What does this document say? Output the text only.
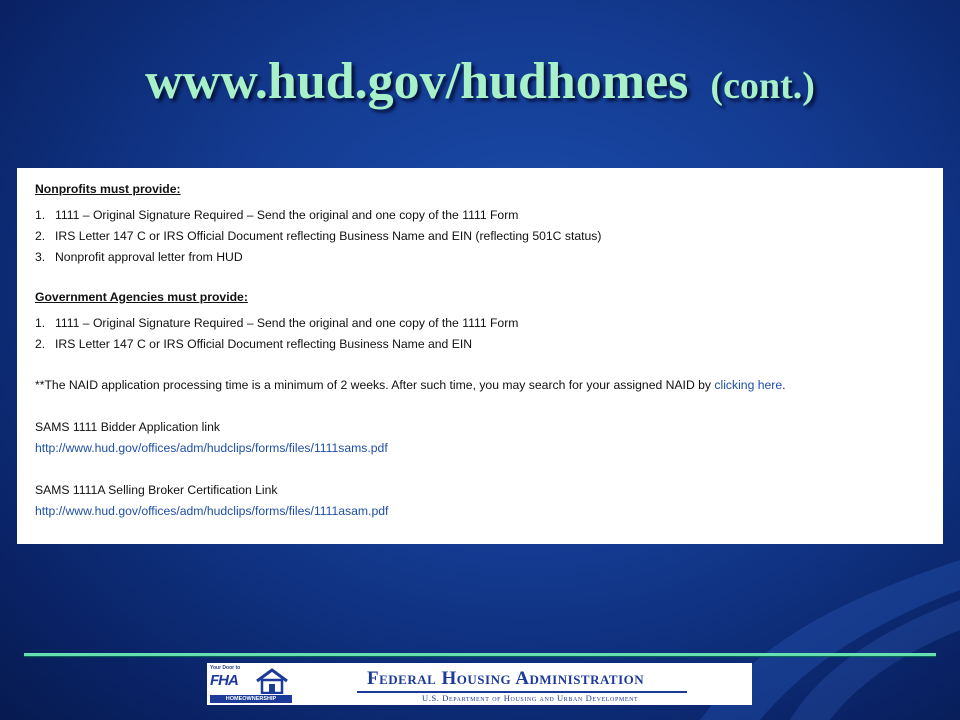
www.hud.gov/hudhomes (cont.)
Nonprofits must provide:
1. 1111 – Original Signature Required – Send the original and one copy of the 1111 Form
2. IRS Letter 147 C or IRS Official Document reflecting Business Name and EIN (reflecting 501C status)
3. Nonprofit approval letter from HUD
Government Agencies must provide:
1. 1111 – Original Signature Required – Send the original and one copy of the 1111 Form
2. IRS Letter 147 C or IRS Official Document reflecting Business Name and EIN
**The NAID application processing time is a minimum of 2 weeks. After such time, you may search for your assigned NAID by clicking here.
SAMS 1111 Bidder Application link
http://www.hud.gov/offices/adm/hudclips/forms/files/1111sams.pdf
SAMS 1111A Selling Broker Certification Link
http://www.hud.gov/offices/adm/hudclips/forms/files/1111asam.pdf
Your Door to
FHA
HOMEOWNERSHIP
Federal Housing Administration
U.S. Department of Housing and Urban Development
